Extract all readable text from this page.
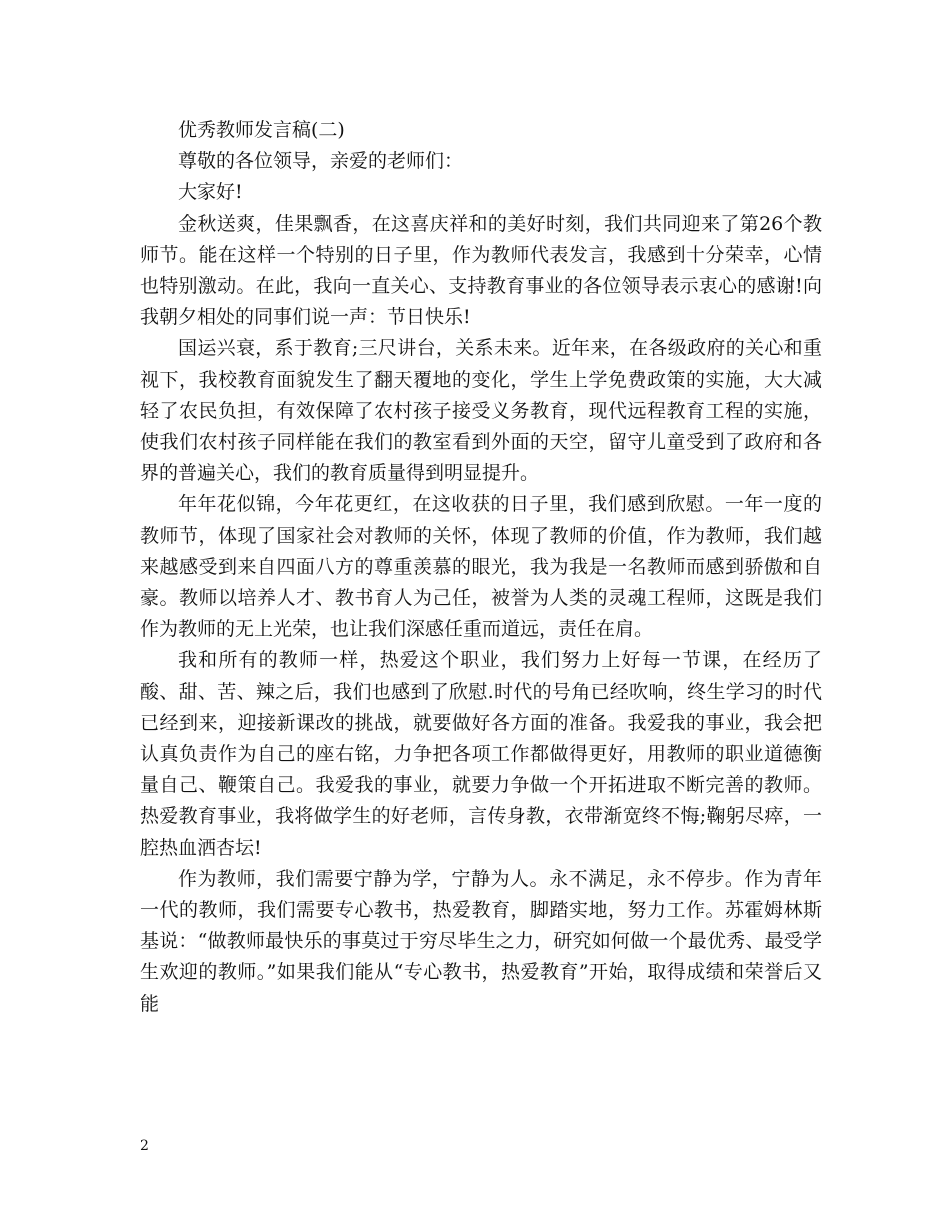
优秀教师发言稿(二)

尊敬的各位领导，亲爱的老师们：

大家好!

金秋送爽，佳果飘香，在这喜庆祥和的美好时刻，我们共同迎来了第26个教师节。能在这样一个特别的日子里，作为教师代表发言，我感到十分荣幸，心情也特别激动。在此，我向一直关心、支持教育事业的各位领导表示衷心的感谢!向我朝夕相处的同事们说一声：节日快乐!

国运兴衰，系于教育;三尺讲台，关系未来。近年来，在各级政府的关心和重视下，我校教育面貌发生了翻天覆地的变化，学生上学免费政策的实施，大大减轻了农民负担，有效保障了农村孩子接受义务教育，现代远程教育工程的实施，使我们农村孩子同样能在我们的教室看到外面的天空，留守儿童受到了政府和各界的普遍关心，我们的教育质量得到明显提升。

年年花似锦，今年花更红，在这收获的日子里，我们感到欣慰。一年一度的教师节，体现了国家社会对教师的关怀，体现了教师的价值，作为教师，我们越来越感受到来自四面八方的尊重羡慕的眼光，我为我是一名教师而感到骄傲和自豪。教师以培养人才、教书育人为己任，被誉为人类的灵魂工程师，这既是我们作为教师的无上光荣，也让我们深感任重而道远，责任在肩。

我和所有的教师一样，热爱这个职业，我们努力上好每一节课，在经历了酸、甜、苦、辣之后，我们也感到了欣慰.时代的号角已经吹响，终生学习的时代已经到来，迎接新课改的挑战，就要做好各方面的准备。我爱我的事业，我会把认真负责作为自己的座右铭，力争把各项工作都做得更好，用教师的职业道德衡量自己、鞭策自己。我爱我的事业，就要力争做一个开拓进取不断完善的教师。热爱教育事业，我将做学生的好老师，言传身教，衣带渐宽终不悔;鞠躬尽瘁，一腔热血洒杏坛!

作为教师，我们需要宁静为学，宁静为人。永不满足，永不停步。作为青年一代的教师，我们需要专心教书，热爱教育，脚踏实地，努力工作。苏霍姆林斯基说：“做教师最快乐的事莫过于穷尽毕生之力，研究如何做一个最优秀、最受学生欢迎的教师。”如果我们能从“专心教书，热爱教育”开始，取得成绩和荣誉后又能

2
